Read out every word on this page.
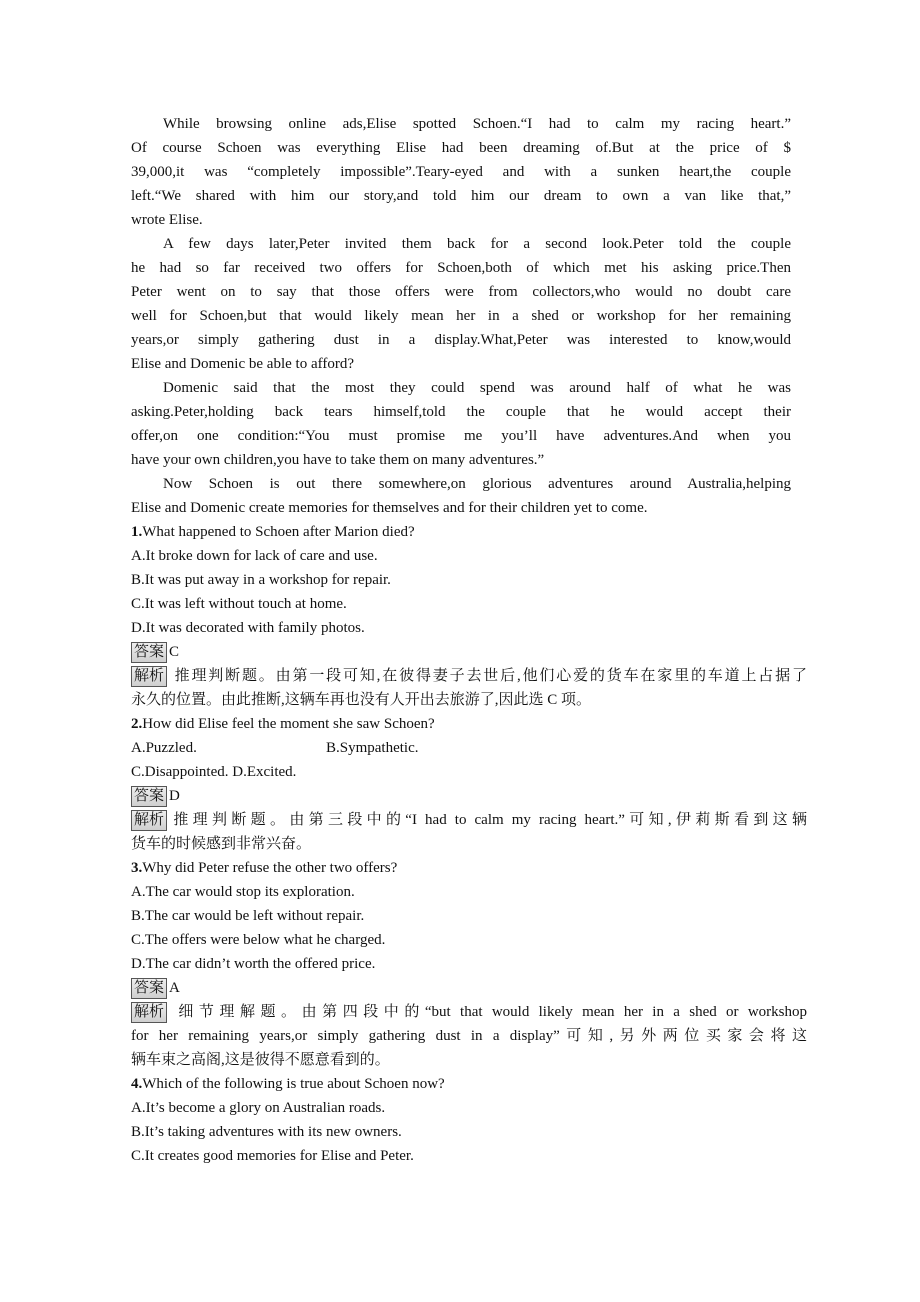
While browsing online ads,Elise spotted Schoen.“I had to calm my racing heart.”
Of course Schoen was everything Elise had been dreaming of.But at the price of $
39,000,it was “completely impossible”.Teary-eyed and with a sunken heart,the couple
left.“We shared with him our story,and told him our dream to own a van like that,”
wrote Elise.
A few days later,Peter invited them back for a second look.Peter told the couple
he had so far received two offers for Schoen,both of which met his asking price.Then
Peter went on to say that those offers were from collectors,who would no doubt care
well for Schoen,but that would likely mean her in a shed or workshop for her remaining
years,or simply gathering dust in a display.What,Peter was interested to know,would
Elise and Domenic be able to afford?
Domenic said that the most they could spend was around half of what he was
asking.Peter,holding back tears himself,told the couple that he would accept their
offer,on one condition:“You must promise me you’ll have adventures.And when you
have your own children,you have to take them on many adventures.”
Now Schoen is out there somewhere,on glorious adventures around Australia,helping
Elise and Domenic create memories for themselves and for their children yet to come.
1.What happened to Schoen after Marion died?
A.It broke down for lack of care and use.
B.It was put away in a workshop for repair.
C.It was left without touch at home.
D.It was decorated with family photos.
答案 C
解析 推理判断题。由第一段可知,在彼得妻子去世后,他们心爱的货车在家里的车道上占据了
永久的位置。由此推断,这辆车再也没有人开出去旅游了,因此选 C 项。
2.How did Elise feel the moment she saw Schoen?
A.Puzzled.	B.Sympathetic.
C.Disappointed. D.Excited.
答案 D
解析 推理判断题。由第三段中的“I had to calm my racing heart.”可知,伊莉斯看到这辆
货车的时候感到非常兴奋。
3.Why did Peter refuse the other two offers?
A.The car would stop its exploration.
B.The car would be left without repair.
C.The offers were below what he charged.
D.The car didn’t worth the offered price.
答案 A
解析 细节理解题。由第四段中的“but that would likely mean her in a shed or workshop
for her remaining years,or simply gathering dust in a display”可知,另外两位买家会将这
辆车束之高阁,这是彼得不愿意看到的。
4.Which of the following is true about Schoen now?
A.It’s become a glory on Australian roads.
B.It’s taking adventures with its new owners.
C.It creates good memories for Elise and Peter.
